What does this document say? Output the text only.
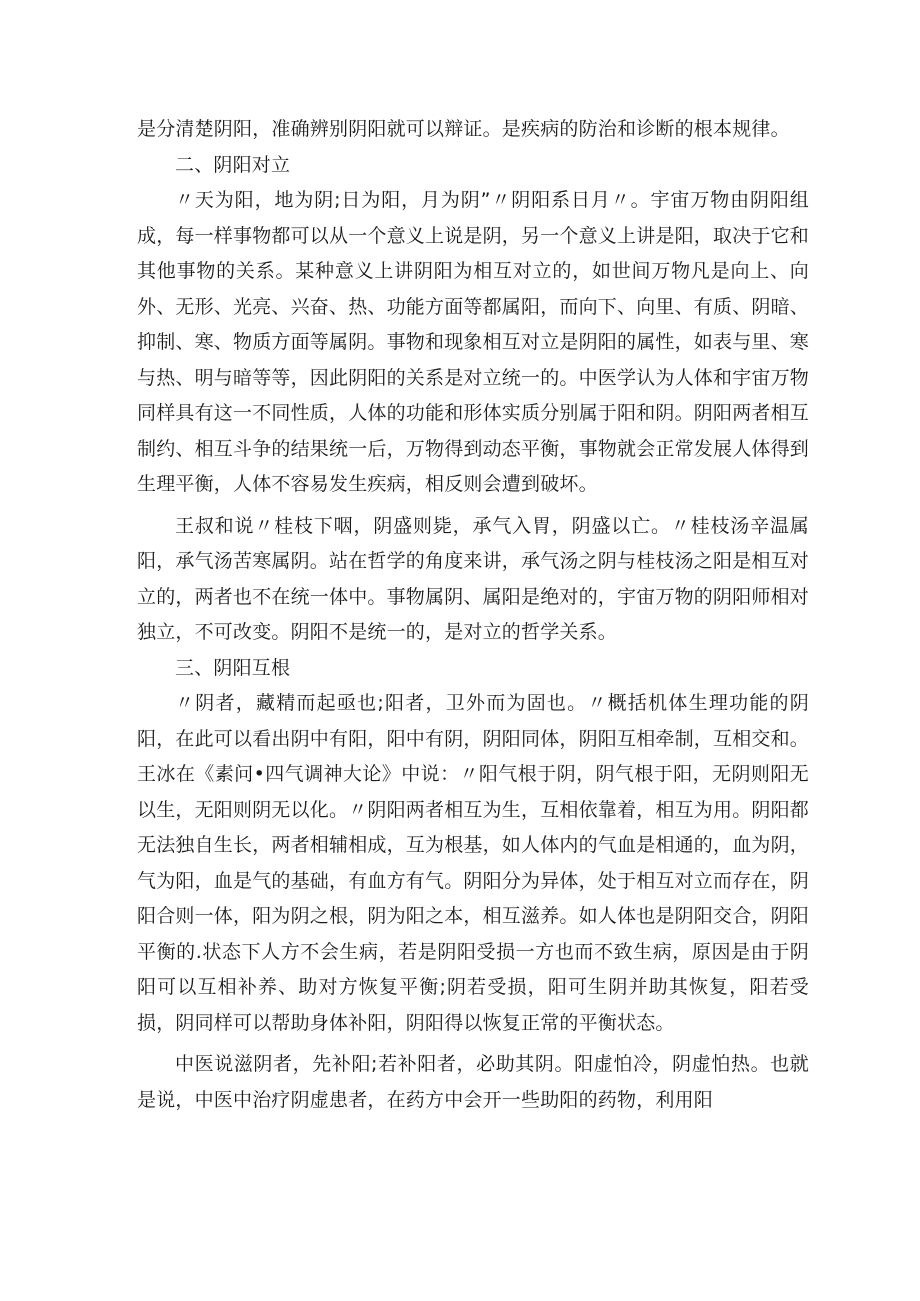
是分清楚阴阳，准确辨别阴阳就可以辩证。是疾病的防治和诊断的根本规律。

二、阴阳对立

〃天为阳，地为阴;日为阳，月为阴”〃阴阳系日月〃。宇宙万物由阴阳组成，每一样事物都可以从一个意义上说是阴，另一个意义上讲是阳，取决于它和其他事物的关系。某种意义上讲阴阳为相互对立的，如世间万物凡是向上、向外、无形、光亮、兴奋、热、功能方面等都属阳，而向下、向里、有质、阴暗、抑制、寒、物质方面等属阴。事物和现象相互对立是阴阳的属性，如表与里、寒与热、明与暗等等，因此阴阳的关系是对立统一的。中医学认为人体和宇宙万物同样具有这一不同性质，人体的功能和形体实质分别属于阳和阴。阴阳两者相互制约、相互斗争的结果统一后，万物得到动态平衡，事物就会正常发展人体得到生理平衡，人体不容易发生疾病，相反则会遭到破坏。

王叔和说〃桂枝下咽，阴盛则毙，承气入胃，阴盛以亡。〃桂枝汤辛温属阳，承气汤苦寒属阴。站在哲学的角度来讲，承气汤之阴与桂枝汤之阳是相互对立的，两者也不在统一体中。事物属阴、属阳是绝对的，宇宙万物的阴阳师相对独立，不可改变。阴阳不是统一的，是对立的哲学关系。

三、阴阳互根

〃阴者，藏精而起亟也;阳者，卫外而为固也。〃概括机体生理功能的阴阳，在此可以看出阴中有阳，阳中有阴，阴阳同体，阴阳互相牵制，互相交和。王冰在《素问•四气调神大论》中说：〃阳气根于阴，阴气根于阳，无阴则阳无以生，无阳则阴无以化。〃阴阳两者相互为生，互相依靠着，相互为用。阴阳都无法独自生长，两者相辅相成，互为根基，如人体内的气血是相通的，血为阴，气为阳，血是气的基础，有血方有气。阴阳分为异体，处于相互对立而存在，阴阳合则一体，阳为阴之根，阴为阳之本，相互滋养。如人体也是阴阳交合，阴阳平衡的.状态下人方不会生病，若是阴阳受损一方也而不致生病，原因是由于阴阳可以互相补养、助对方恢复平衡;阴若受损，阳可生阴并助其恢复，阳若受损，阴同样可以帮助身体补阳，阴阳得以恢复正常的平衡状态。

中医说滋阴者，先补阳;若补阳者，必助其阴。阳虚怕冷，阴虚怕热。也就是说，中医中治疗阴虚患者，在药方中会开一些助阳的药物，利用阳
